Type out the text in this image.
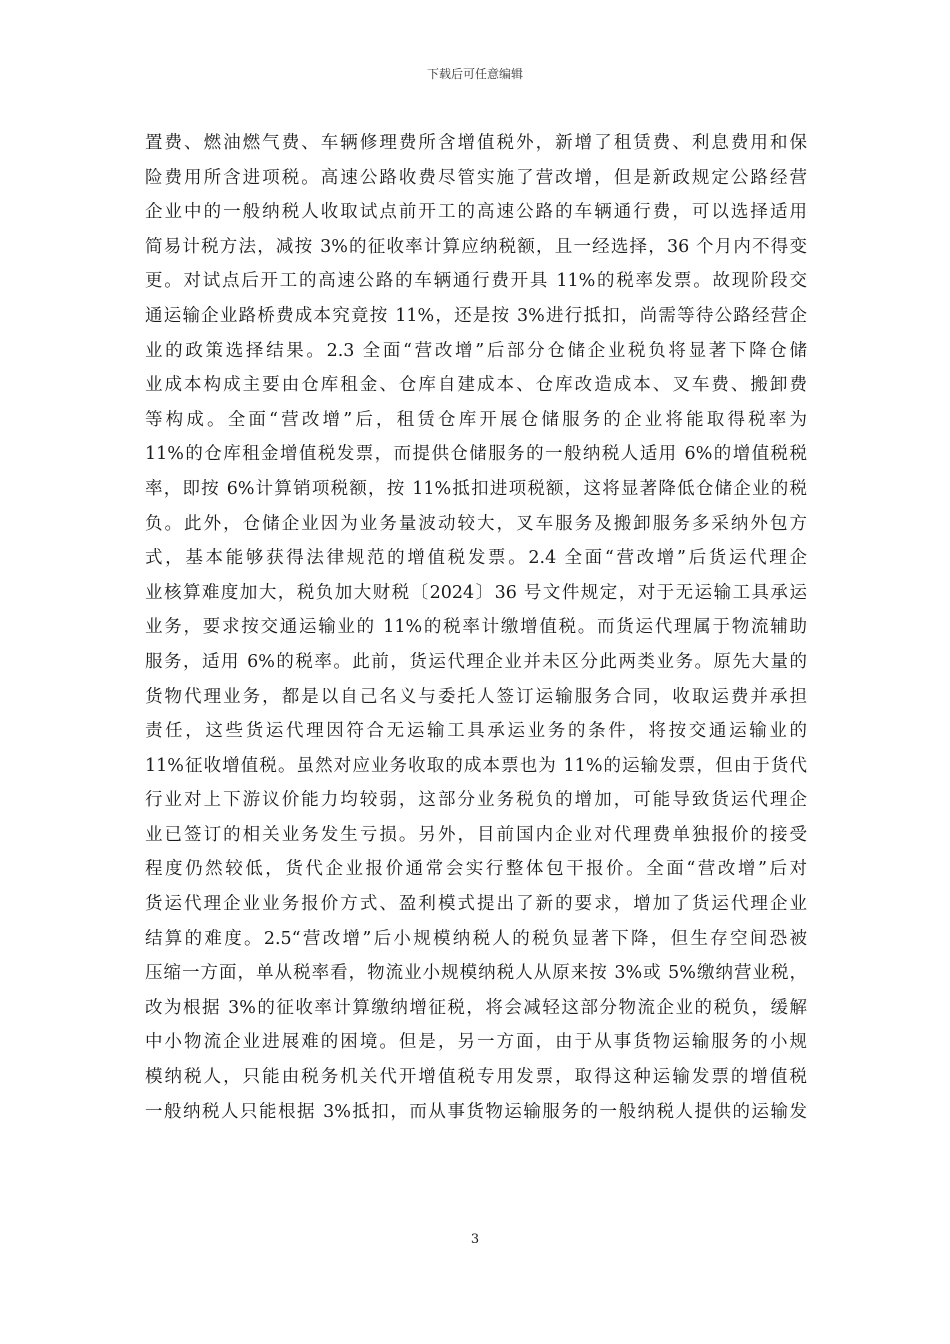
下载后可任意编辑
置费、燃油燃气费、车辆修理费所含增值税外，新增了租赁费、利息费用和保
险费用所含进项税。高速公路收费尽管实施了营改增，但是新政规定公路经营
企业中的一般纳税人收取试点前开工的高速公路的车辆通行费，可以选择适用
简易计税方法，减按 3%的征收率计算应纳税额，且一经选择，36 个月内不得变
更。对试点后开工的高速公路的车辆通行费开具 11%的税率发票。故现阶段交
通运输企业路桥费成本究竟按 11%，还是按 3%进行抵扣，尚需等待公路经营企
业的政策选择结果。2.3 全面“营改增”后部分仓储企业税负将显著下降仓储
业成本构成主要由仓库租金、仓库自建成本、仓库改造成本、叉车费、搬卸费
等构成。全面“营改增”后，租赁仓库开展仓储服务的企业将能取得税率为
11%的仓库租金增值税发票，而提供仓储服务的一般纳税人适用 6%的增值税税
率，即按 6%计算销项税额，按 11%抵扣进项税额，这将显著降低仓储企业的税
负。此外，仓储企业因为业务量波动较大，叉车服务及搬卸服务多采纳外包方
式，基本能够获得法律规范的增值税发票。2.4 全面“营改增”后货运代理企
业核算难度加大，税负加大财税〔2024〕36 号文件规定，对于无运输工具承运
业务，要求按交通运输业的 11%的税率计缴增值税。而货运代理属于物流辅助
服务，适用 6%的税率。此前，货运代理企业并未区分此两类业务。原先大量的
货物代理业务，都是以自己名义与委托人签订运输服务合同，收取运费并承担
责任，这些货运代理因符合无运输工具承运业务的条件，将按交通运输业的
11%征收增值税。虽然对应业务收取的成本票也为 11%的运输发票，但由于货代
行业对上下游议价能力均较弱，这部分业务税负的增加，可能导致货运代理企
业已签订的相关业务发生亏损。另外，目前国内企业对代理费单独报价的接受
程度仍然较低，货代企业报价通常会实行整体包干报价。全面“营改增”后对
货运代理企业业务报价方式、盈利模式提出了新的要求，增加了货运代理企业
结算的难度。2.5“营改增”后小规模纳税人的税负显著下降，但生存空间恐被
压缩一方面，单从税率看，物流业小规模纳税人从原来按 3%或 5%缴纳营业税，
改为根据 3%的征收率计算缴纳增征税，将会减轻这部分物流企业的税负，缓解
中小物流企业进展难的困境。但是，另一方面，由于从事货物运输服务的小规
模纳税人，只能由税务机关代开增值税专用发票，取得这种运输发票的增值税
一般纳税人只能根据 3%抵扣，而从事货物运输服务的一般纳税人提供的运输发
3
